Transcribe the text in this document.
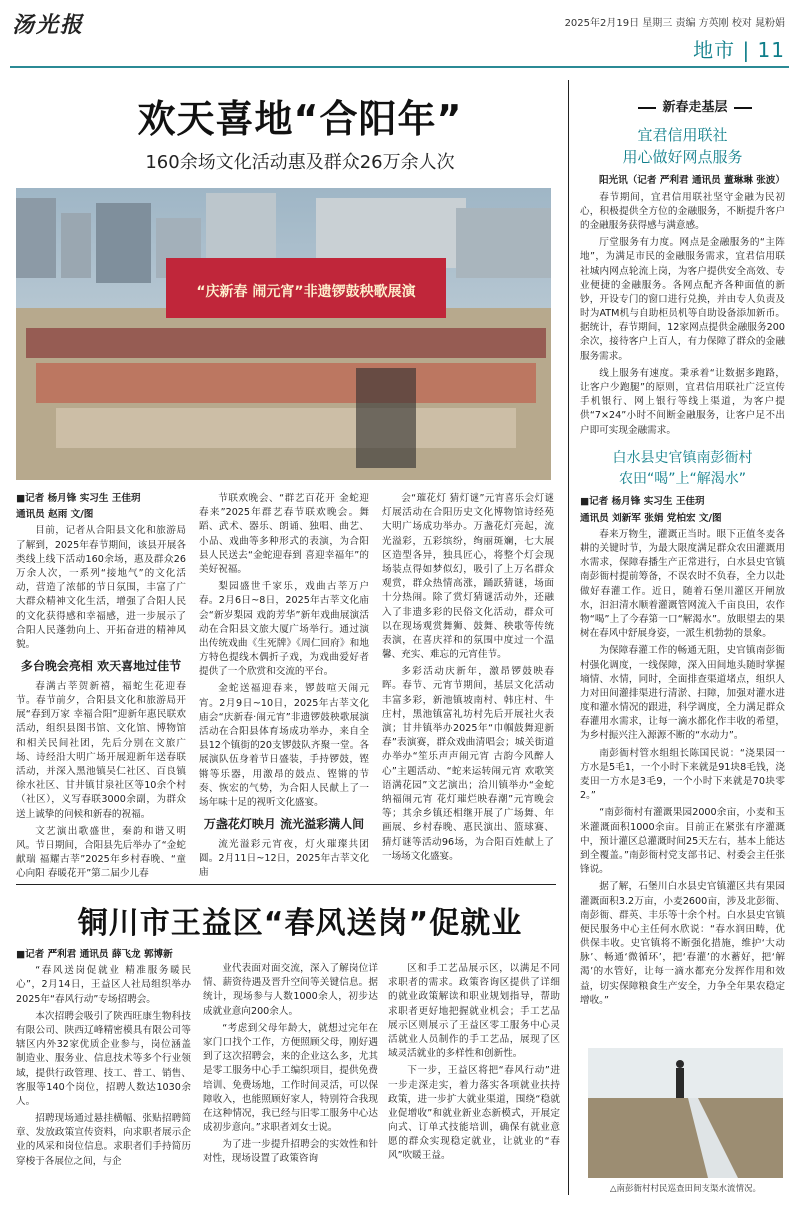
汤光报	2025年2月19日 星期三 责编 方英刚 校对 晁粉娟
地市 | 11
欢天喜地“合阳年”
160余场文化活动惠及群众26万余人次
“庆新春 闹元宵”非遗锣鼓秧歌展演

■记者 杨月锋 实习生 王佳玥

通讯员 赵雨 文/图

目前，记者从合阳县文化和旅游局了解到，2025年春节期间，该县开展各类线上线下活动160余场，惠及群众26万余人次，一系列“接地气”的文化活动，营造了浓郁的节日氛围，丰富了广大群众精神文化生活，增强了合阳人民的文化获得感和幸福感，进一步展示了合阳人民蓬勃向上、开拓奋进的精神风貌。

多台晚会亮相 欢天喜地过佳节

春满古莘贺新禧，福蛇生花迎春节。春节前夕，合阳县文化和旅游局开展“春到万家 幸福合阳”迎新年惠民联欢活动，组织县图书馆、文化馆、博物馆和相关民间社团，先后分别在文旅广场、诗经沿大明广场开展迎新年送春联活动，并深入黑池镇吴仁社区、百良镇徐水社区、甘井镇甘泉社区等10余个村（社区），义写春联3000余副，为群众送上诚挚的问候和新春的祝福。

文艺演出歌盛世，秦韵和谐又明风。节日期间，合阳县先后举办了“金蛇献瑞 福耀古莘”2025年乡村春晚、“童心向阳 春暖花开”第二届少儿春

节联欢晚会、“群艺百花开 金蛇迎春来”2025年群艺春节联欢晚会。舞蹈、武术、器乐、朗诵、独唱、曲艺、小品、戏曲等多种形式的表演，为合阳县人民送去“金蛇迎春到 喜迎幸福年”的美好祝福。

梨园盛世千家乐，戏曲古莘万户春。2月6日~8日，2025年古莘文化庙会“新岁梨园 戏韵芳华”新年戏曲展演活动在合阳县文旅大厦广场举行。通过演出传统戏曲《生死牌》《周仁回府》和地方特色提线木偶折子戏，为戏曲爱好者提供了一个欣赏和交流的平台。

金蛇送福迎春来，锣鼓喧天闹元宵。2月9日~10日，2025年古莘文化庙会“庆新春·闹元宵”非遗锣鼓秧歌展演活动在合阳县体育场成功举办，来自全县12个镇街的20支锣鼓队齐聚一堂。各展演队伍身着节日盛装，手持锣鼓，铿锵等乐器，用激昂的鼓点、铿锵的节奏、恢宏的气势，为合阳人民献上了一场年味十足的视听文化盛宴。

万盏花灯映月 流光溢彩满人间

流光溢彩元宵夜，灯火璀璨共团圆。2月11日~12日，2025年古莘文化庙

会“璀花灯 猜灯谜”元宵喜乐会灯谜灯展活动在合阳历史文化博物馆诗经苑大明广场成功举办。万盏花灯亮起，流光溢彩，五彩缤纷，绚丽斑斓，七大展区造型各异，独具匠心，将整个灯会现场装点得如梦似幻，吸引了上万名群众观赏，群众热情高涨，踊跃猜谜，场面十分热闹。除了赏灯猜谜活动外，还融入了非遗多彩的民俗文化活动，群众可以在现场观赏舞狮、鼓舞、秧歌等传统表演，在喜庆祥和的氛围中度过一个温馨、充实、难忘的元宵佳节。

多彩活动庆新年，激昂锣鼓映春晖。春节、元宵节期间，基层文化活动丰富多彩，新池镇坡南村、韩庄村、牛庄村，黑池镇富礼坊村先后开展社火表演；甘井镇举办2025年“巾帼鼓舞迎新春”表演赛，群众戏曲清唱会；城关街道办举办“笙乐声声闹元宵 古韵今风醉人心”主题活动、“蛇来运转闹元宵 欢歌笑语满花园”文艺演出；洽川镇举办“金蛇纳福闹元宵 花灯璀烂映春潮”元宵晚会等；其余乡镇还相继开展了广场舞、年画展、乡村春晚、惠民演出、篮球赛、猜灯谜等活动96场，为合阳百姓献上了一场场文化盛宴。

新春走基层
宜君信用联社
用心做好网点服务

阳光讯（记者 严利君 通讯员 董琳琳 张波）

春节期间，宜君信用联社坚守金融为民初心，积极提供全方位的金融服务，不断提升客户的金融服务获得感与满意感。

厅堂服务有力度。网点是金融服务的“主阵地”，为满足市民的金融服务需求，宜君信用联社城内网点轮流上岗，为客户提供安全高效、专业便捷的金融服务。各网点配齐各种面值的新钞，开设专门的窗口进行兑换，并由专人负责及时为ATM机与自助柜员机等自助设备添加新币。据统计，春节期间，12家网点提供金融服务200余次，接待客户上百人，有力保障了群众的金融服务需求。

线上服务有速度。秉承着“让数据多跑路，让客户少跑腿”的原则，宜君信用联社广泛宣传手机银行、网上银行等线上渠道，为客户提供“7×24”小时不间断金融服务，让客户足不出户即可实现金融需求。

白水县史官镇南彭衙村
农田“喝”上“解渴水”

■记者 杨月锋 实习生 王佳玥

通讯员 刘新军 张娟 党柏宏 文/图

春来万物生，灌溉正当时。眼下正值冬麦各耕的关键时节，为最大限度满足群众农田灌溉用水需求，保障春播生产正常进行，白水县史官镇南彭衙村提前筹备，不误农时不负春，全力以赴做好春灌工作。近日，随着石堡川灌区开闸放水，汩汩清水顺着灌溉管网流入千亩良田，农作物“喝”上了今春第一口“解渴水”。放眼望去的果树在春风中舒展身姿，一派生机勃勃的景象。

为保障春灌工作的畅通无阻，史官镇南彭衙村强化调度，一线保障，深入田间地头随时掌握墒情、水情，同时，全面排查渠道堵点，组织人力对田间灌排渠进行清淤、扫障，加强对灌水进度和灌水情况的跟进，科学调度，全力满足群众春灌用水需求，让每一滴水都化作丰收的希望，为乡村振兴注入源源不断的“水动力”。

南彭衙村管水组组长陈国民说：“浇果园一方水是5毛1，一个小时下来就是91块8毛钱，浇麦田一方水是3毛9，一个小时下来就是70块零2。”

“南彭衙村有灌溉果园2000余亩，小麦和玉米灌溉面积1000余亩。目前正在紧张有序灌溉中，预计灌区总灌溉时间25天左右，基本上能达到全覆盖。”南彭衙村党支部书记、村委会主任张锋说。

据了解，石堡川白水县史官镇灌区共有果园灌溉面积3.2万亩，小麦2600亩，涉及北彭衙、南彭衙、群英、丰乐等十余个村。白水县史官镇便民服务中心主任何水欣说：“春水润田畴，优供保丰收。史官镇将不断强化措施，维护‘大动脉’、畅通‘微循环’，把‘春灌’的水蓄好，把‘解渴’的水管好，让每一滴水都充分发挥作用和效益，切实保障粮食生产安全，力争全年果农稳定增收。”

△南彭衙村村民巡查田间支渠水流情况。
铜川市王益区“春风送岗”促就业

■记者 严利君 通讯员 薛飞龙 郭博新

“春风送岗促就业 精准服务暖民心”，2月14日，王益区人社局组织举办2025年“春风行动”专场招聘会。

本次招聘会吸引了陕西旺康生物科技有限公司、陕西辽峰精密模具有限公司等辖区内外32家优质企业参与，岗位涵盖制造业、服务业、信息技术等多个行业领域，提供行政管理、技工、普工、销售、客服等140个岗位，招聘人数达1030余人。

招聘现场通过悬挂横幅、张贴招聘简章、发放政策宣传资料，向求职者展示企业的风采和岗位信息。求职者们手持简历穿梭于各展位之间，与企

业代表面对面交流，深入了解岗位详情、薪资待遇及晋升空间等关键信息。据统计，现场参与人数1000余人，初步达成就业意向200余人。

“考虑到父母年龄大，就想过完年在家门口找个工作，方便照顾父母，刚好遇到了这次招聘会，来的企业这么多，尤其是零工服务中心手工编织项目，提供免费培训、免费场地，工作时间灵活，可以保障收入，也能照顾好家人，特别符合我现在这种情况，我已经与旧零工服务中心达成初步意向。”求职者刘女士说。

为了进一步提升招聘会的实效性和针对性，现场设置了政策咨询

区和手工艺品展示区，以满足不同求职者的需求。政策咨询区提供了详细的就业政策解读和职业规划指导，帮助求职者更好地把握就业机会；手工艺品展示区则展示了王益区零工服务中心灵活就业人员制作的手工艺品，展现了区域灵活就业的多样性和创新性。

下一步，王益区将把“春风行动”进一步走深走实，着力落实各项就业扶持政策，进一步扩大就业渠道，围绕“稳就业促增收”和就业新业态新模式，开展定向式、订单式技能培训，确保有就业意愿的群众实现稳定就业，让就业的“春风”吹暖王益。
